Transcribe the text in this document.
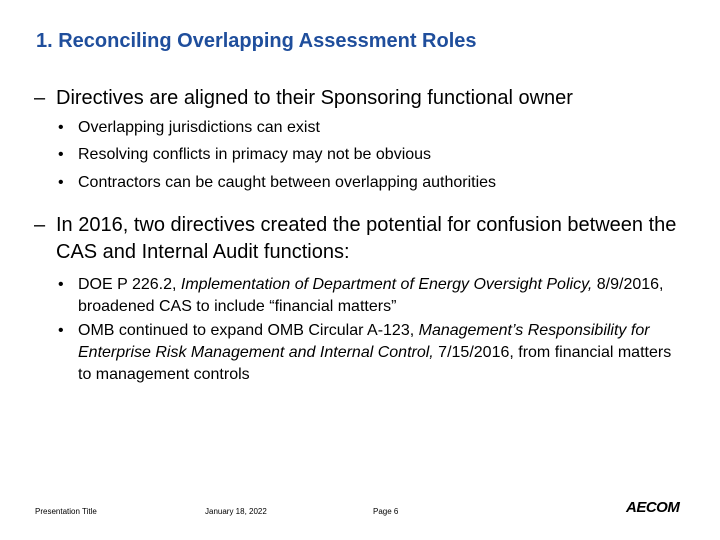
1. Reconciling Overlapping Assessment Roles
– Directives are aligned to their Sponsoring functional owner
• Overlapping jurisdictions can exist
• Resolving conflicts in primacy may not be obvious
• Contractors can be caught between overlapping authorities
– In 2016, two directives created the potential for confusion between the CAS and Internal Audit functions:
• DOE P 226.2, Implementation of Department of Energy Oversight Policy, 8/9/2016, broadened CAS to include “financial matters”
• OMB continued to expand OMB Circular A-123, Management’s Responsibility for Enterprise Risk Management and Internal Control, 7/15/2016, from financial matters to management controls
Presentation Title	January 18, 2022	Page 6	AECOM
